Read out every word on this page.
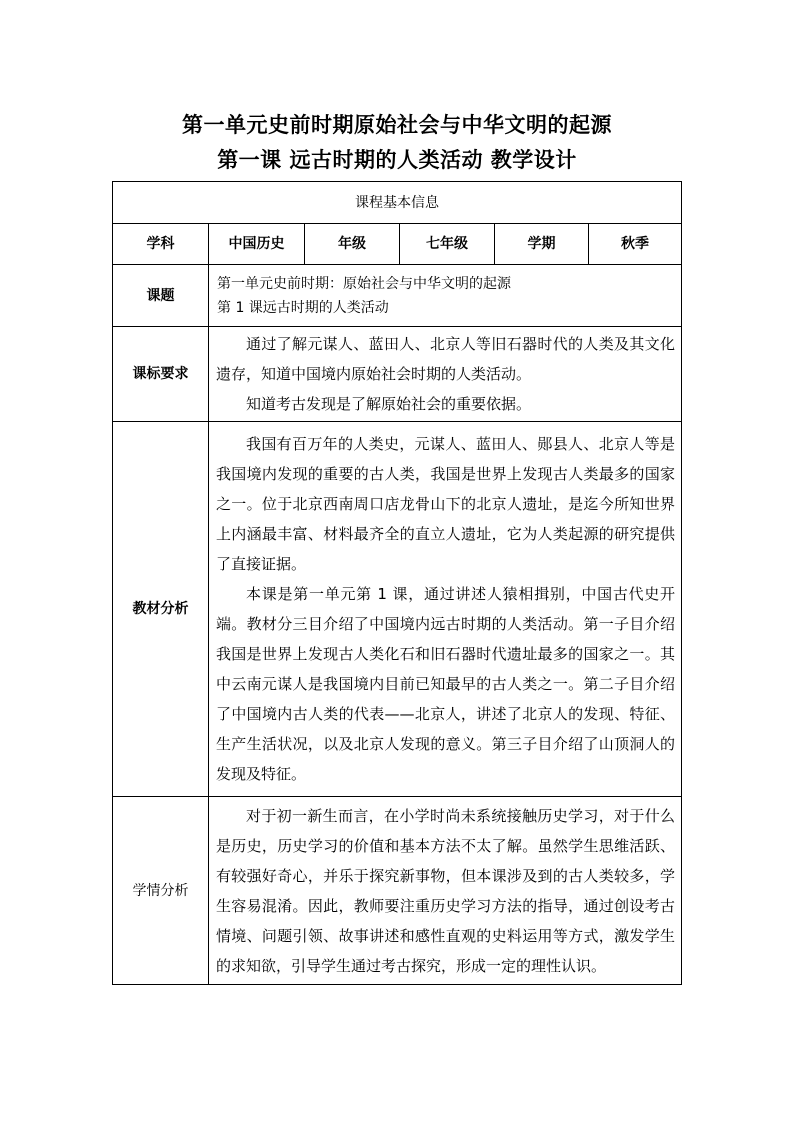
第一单元史前时期原始社会与中华文明的起源
第一课 远古时期的人类活动 教学设计
课程基本信息					
学科	中国历史	年级	七年级	学期	秋季
课题	第一单元史前时期：原始社会与中华文明的起源
第 1 课远古时期的人类活动				

课标要求	通过了解元谋人、蓝田人、北京人等旧石器时代的人类及其文化遗存，知道中国境内原始社会时期的人类活动。

知道考古发现是了解原始社会的重要依据。				

教材分析	我国有百万年的人类史，元谋人、蓝田人、郧县人、北京人等是我国境内发现的重要的古人类，我国是世界上发现古人类最多的国家之一。位于北京西南周口店龙骨山下的北京人遗址，是迄今所知世界上内涵最丰富、材料最齐全的直立人遗址，它为人类起源的研究提供了直接证据。

本课是第一单元第 1 课，通过讲述人猿相揖别，中国古代史开端。教材分三目介绍了中国境内远古时期的人类活动。第一子目介绍我国是世界上发现古人类化石和旧石器时代遗址最多的国家之一。其中云南元谋人是我国境内目前已知最早的古人类之一。第二子目介绍了中国境内古人类的代表——北京人，讲述了北京人的发现、特征、生产生活状况，以及北京人发现的意义。第三子目介绍了山顶洞人的发现及特征。				

学情分析	对于初一新生而言，在小学时尚未系统接触历史学习，对于什么是历史，历史学习的价值和基本方法不太了解。虽然学生思维活跃、有较强好奇心，并乐于探究新事物，但本课涉及到的古人类较多，学生容易混淆。因此，教师要注重历史学习方法的指导，通过创设考古情境、问题引领、故事讲述和感性直观的史料运用等方式，激发学生的求知欲，引导学生通过考古探究，形成一定的理性认识。				
